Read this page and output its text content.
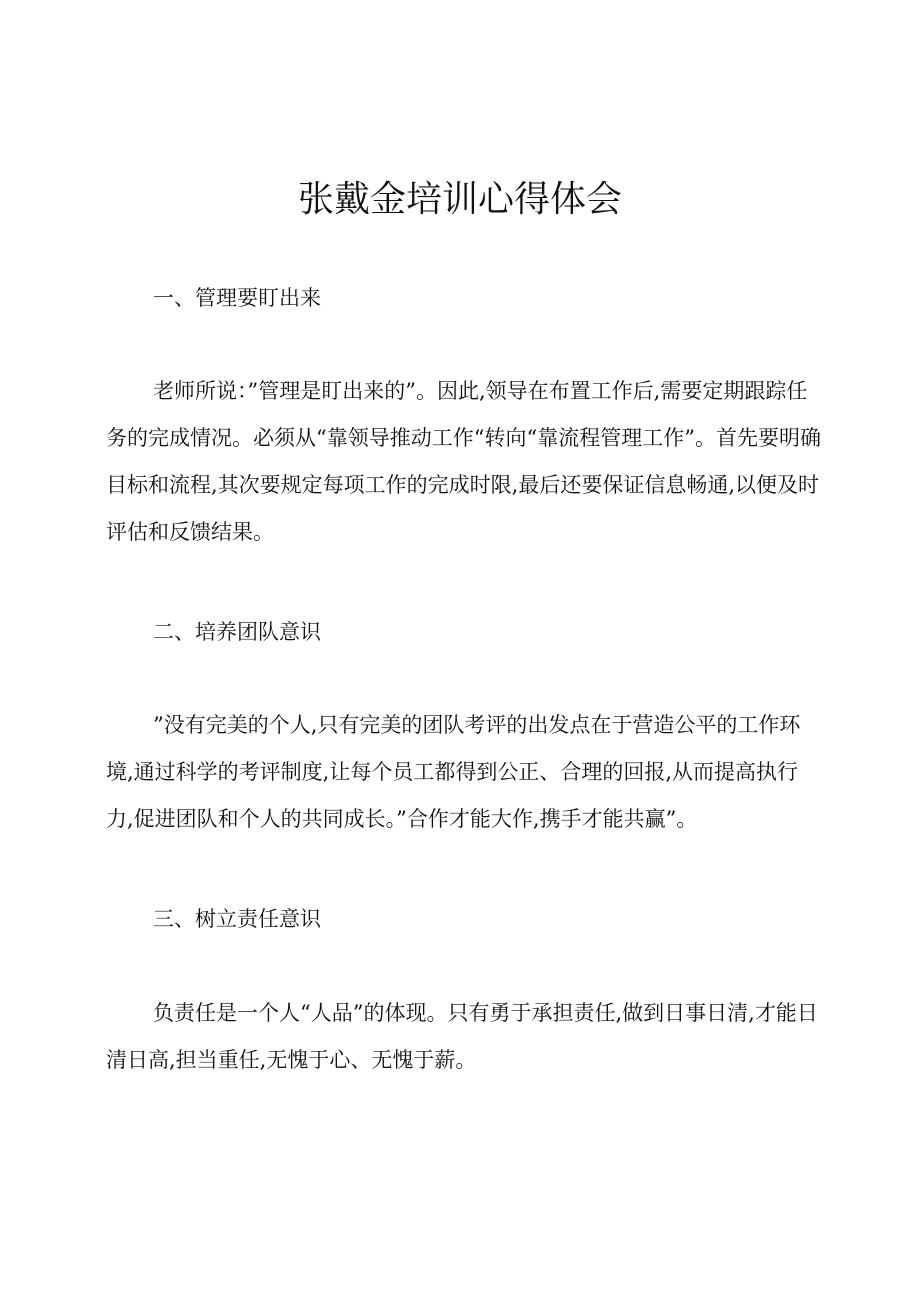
张戴金培训心得体会
一、管理要盯出来

老师所说：”管理是盯出来的”。因此,领导在布置工作后,需要定期跟踪任务的完成情况。必须从“靠领导推动工作“转向“靠流程管理工作”。首先要明确目标和流程,其次要规定每项工作的完成时限,最后还要保证信息畅通,以便及时评估和反馈结果。

二、培养团队意识

”没有完美的个人,只有完美的团队考评的出发点在于营造公平的工作环境,通过科学的考评制度,让每个员工都得到公正、合理的回报,从而提高执行力,促进团队和个人的共同成长。”合作才能大作,携手才能共赢”。

三、树立责任意识

负责任是一个人“人品”的体现。只有勇于承担责任,做到日事日清,才能日清日高,担当重任,无愧于心、无愧于薪。
